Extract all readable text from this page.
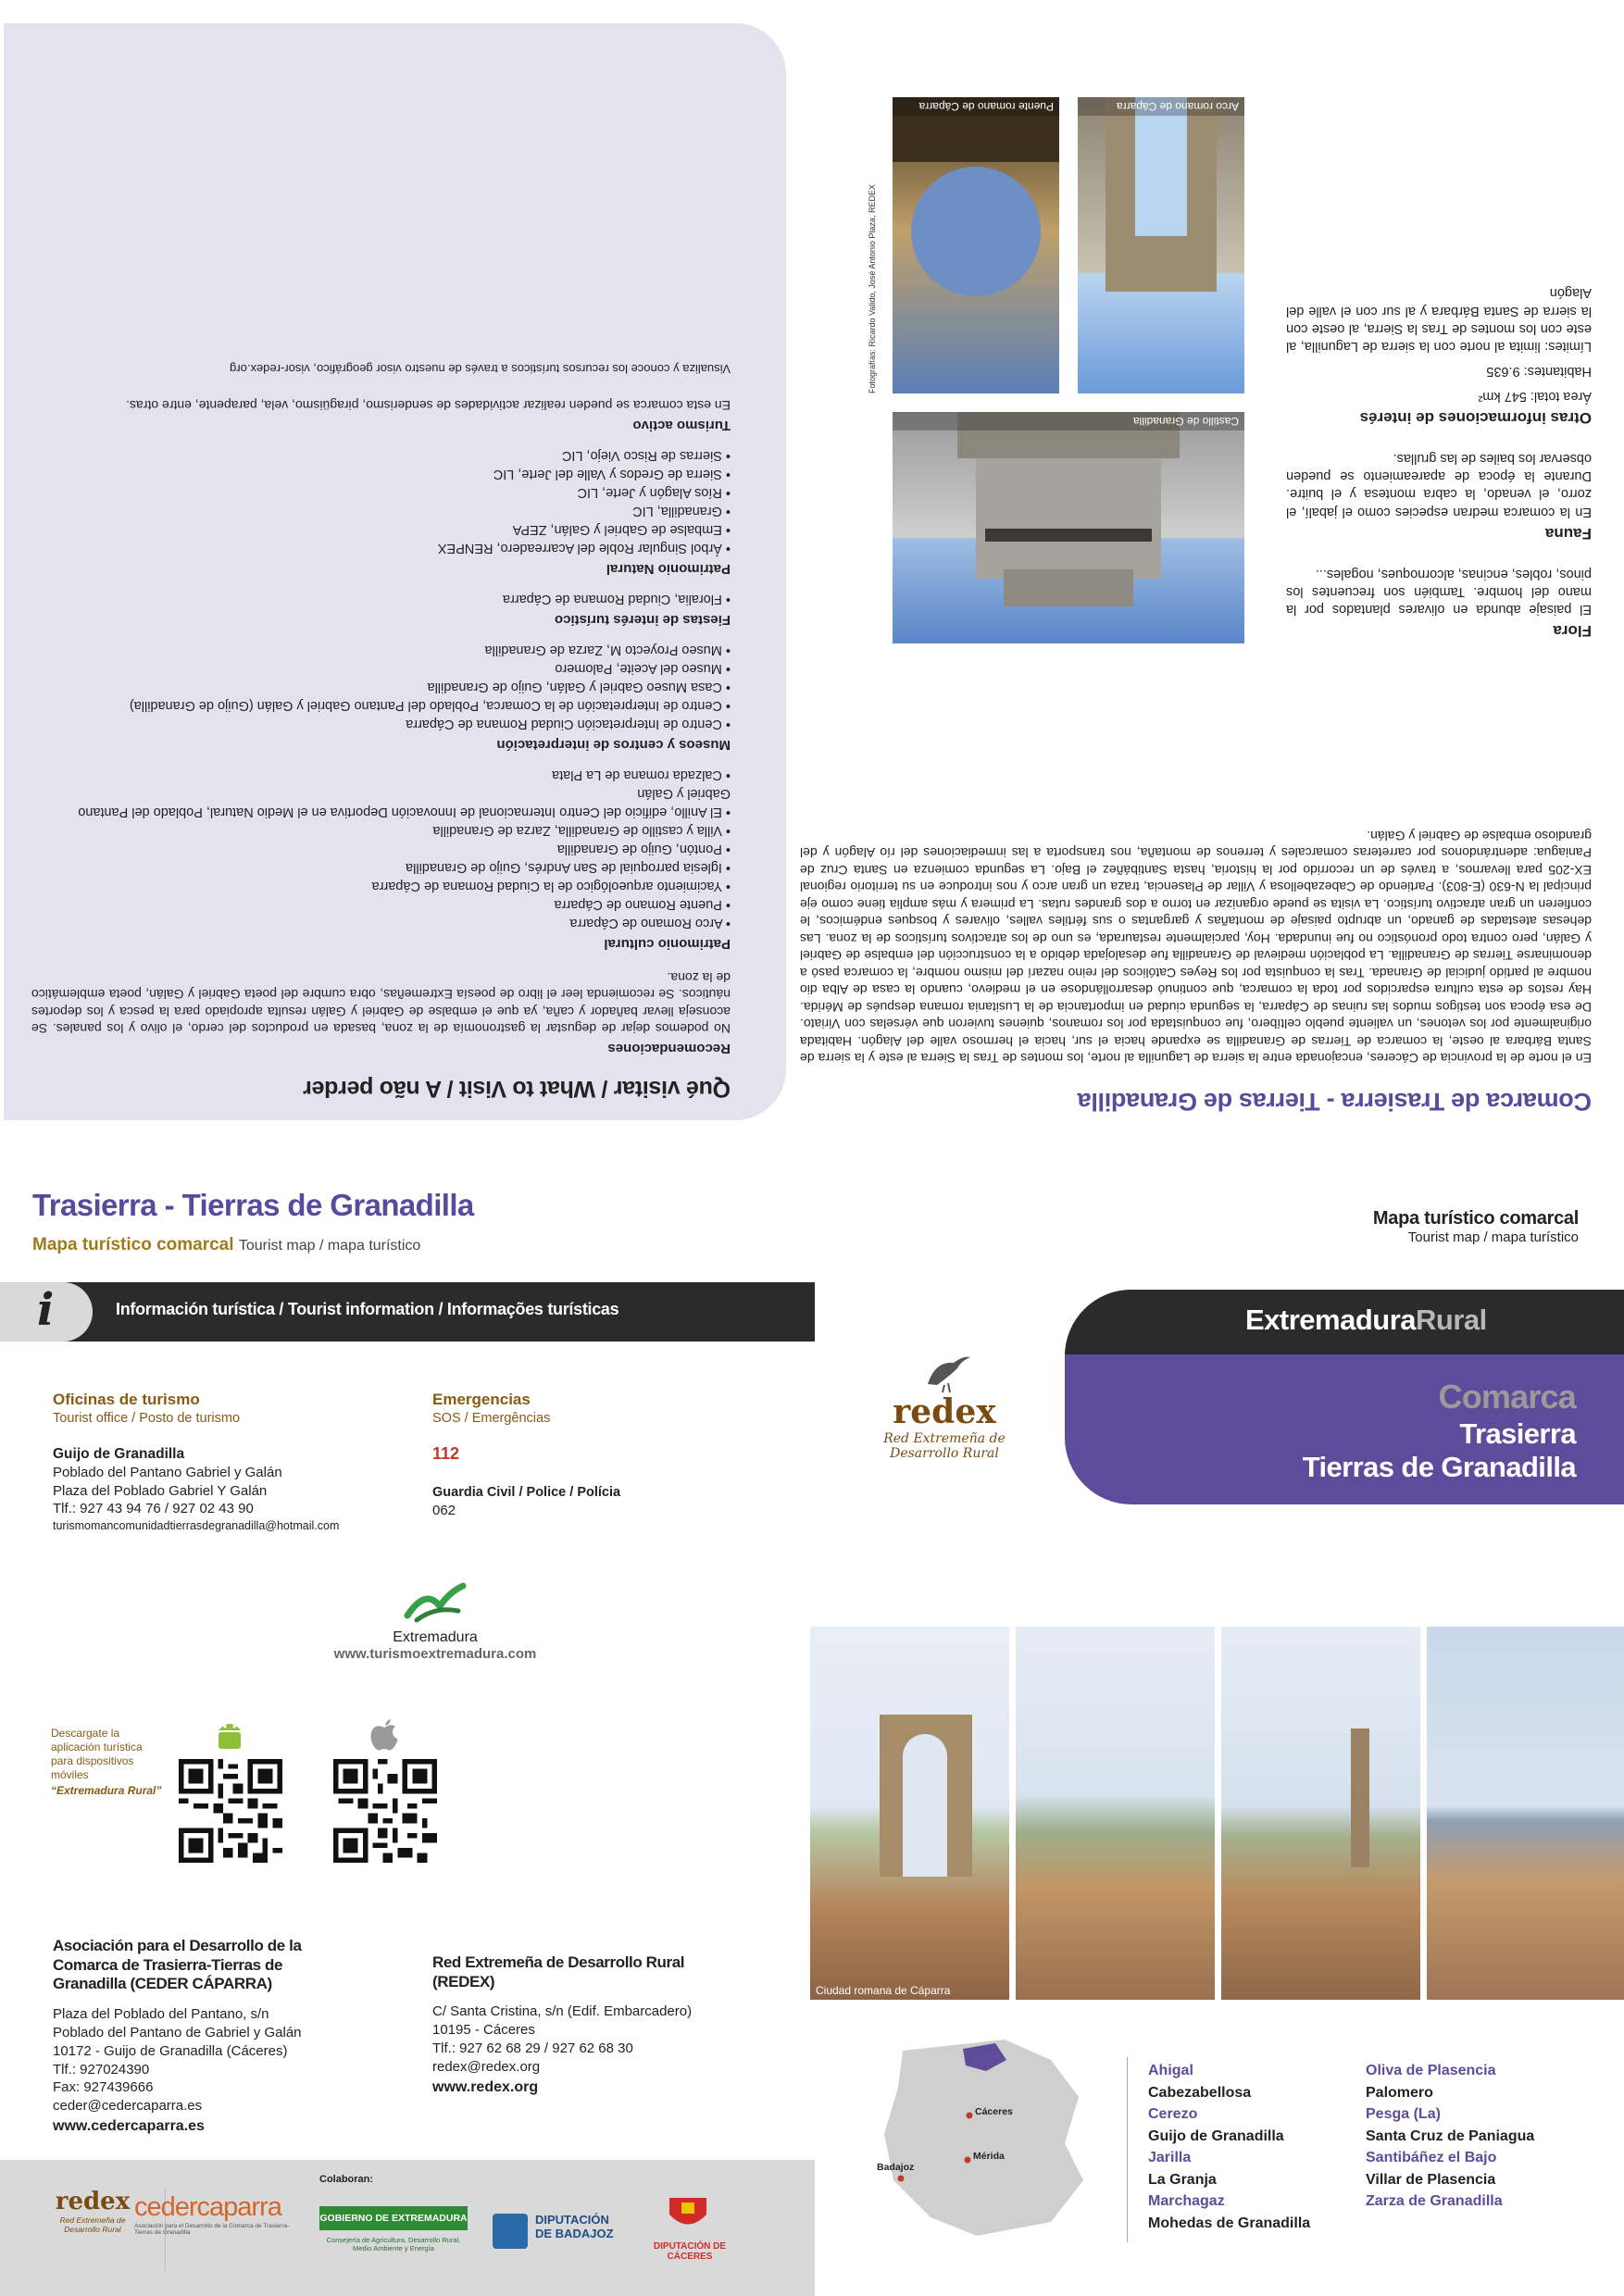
Comarca de Trasierra - Tierras de Granadilla

En el norte de la provincia de Cáceres, encajonada entre la sierra de Lagunilla al norte, los montes de Tras la Sierra al este y la sierra de Santa Bárbara al oeste, la comarca de Tierras de Granadilla se expande hacia el sur, hacia el hermoso valle del Alagón. Habitada originalmente por los vetones, un valiente pueblo celtíbero, fue conquistada por los romanos, quienes tuvieron que vérselas con Viriato. De esa época son testigos mudos las ruinas de Cáparra, la segunda ciudad en importancia de la Lusitania romana después de Mérida. Hay restos de esta cultura esparcidos por toda la comarca, que continuó desarrollándose en el medievo, cuando la casa de Alba dio nombre al partido judicial de Granada. Tras la conquista por los Reyes Católicos del reino nazarí del mismo nombre, la comarca pasó a denominarse Tierras de Granadilla. La población medieval de Granadilla fue desalojada debido a la construcción del embalse de Gabriel y Galán, pero contra todo pronóstico no fue inundada. Hoy, parcialmente restaurada, es uno de los atractivos turísticos de la zona. Las dehesas atestadas de ganado, un abrupto paisaje de montañas y gargantas o sus fértiles valles, olivares y bosques endémicos, le confieren un gran atractivo turístico. La visita se puede organizar en torno a dos grandes rutas. La primera y más amplia tiene como eje principal la N-630 (E-803). Partiendo de Cabezabellosa y Villar de Plasencia, traza un gran arco y nos introduce en su territorio regional EX-205 para llevarnos, a través de un recorrido por la historia, hasta Santibáñez el Bajo. La segunda comienza en Santa Cruz de Paniagua: adentrándonos por carreteras comarcales y terrenos de montaña, nos transporta a las inmediaciones del río Alagón y del grandioso embalse de Gabriel y Galán.

Flora

El paisaje abunda en olivares plantados por la mano del hombre. También son frecuentes los pinos, robles, encinas, alcornoques, nogales...

Fauna

En la comarca medran especies como el jabalí, el zorro, el venado, la cabra montesa y el buitre. Durante la época de apareamiento se pueden observar los bailes de las grullas.

Otras informaciones de interés

Área total: 547 km²

Habitantes: 9.635

Límites: limita al norte con la sierra de Lagunilla, al este con los montes de Tras la Sierra, al oeste con la sierra de Santa Bárbara y al sur con el valle del Alagón

Castillo de Granadilla
Arco romano de Cáparra
Puente romano de Cáparra
Fotografías: Ricardo Valido, José Antonio Plaza, REDEX
Qué visitar / What to Visit / A não perder
Recomendaciones

No podemos dejar de degustar la gastronomía de la zona, basada en productos del cerdo, el olivo y los panales. Se aconseja llevar bañador y caña, ya que el embalse de Gabriel y Galán resulta apropiado para la pesca y los deportes náuticos. Se recomienda leer el libro de poesía Extremeñas, obra cumbre del poeta Gabriel y Galán, poeta emblemático de la zona.

Patrimonio cultural
• Arco Romano de Cáparra
• Puente Romano de Cáparra
• Yacimiento arqueológico de la Ciudad Romana de Cáparra
• Iglesia parroquial de San Andrés, Guijo de Granadilla
• Pontón, Guijo de Granadilla
• Villa y castillo de Granadilla, Zarza de Granadilla
• El Anillo, edificio del Centro Internacional de Innovación Deportiva en el Medio Natural, Poblado del Pantano Gabriel y Galán
• Calzada romana de La Plata
Museos y centros de interpretación
• Centro de Interpretación Ciudad Romana de Cáparra
• Centro de Interpretación de la Comarca, Poblado del Pantano Gabriel y Galán (Guijo de Granadilla)
• Casa Museo Gabriel y Galán, Guijo de Granadilla
• Museo del Aceite, Palomero
• Museo Proyecto M, Zarza de Granadilla
Fiestas de interés turístico
• Floralia, Ciudad Romana de Cáparra
Patrimonio Natural
• Árbol Singular Roble del Acarreadero, RENPEX
• Embalse de Gabriel y Galán, ZEPA
• Granadilla, LIC
• Ríos Alagón y Jerte, LIC
• Sierra de Gredos y Valle del Jerte, LIC
• Sierras de Risco Viejo, LIC
Turismo activo

En esta comarca se pueden realizar actividades de senderismo, piragüismo, vela, parapente, entre otras.

Visualiza y conoce los recursos turísticos a través de nuestro visor geográfico, visor-redex.org

Trasierra - Tierras de Granadilla
Mapa turístico comarcal Tourist map / mapa turístico
i	Información turística / Tourist information / Informações turísticas
Oficinas de turismo
Tourist office / Posto de turismo
Guijo de Granadilla
Poblado del Pantano Gabriel y Galán
Plaza del Poblado Gabriel Y Galán
Tlf.: 927 43 94 76 / 927 02 43 90
turismomancomunidadtierrasdegranadilla@hotmail.com
Emergencias
SOS / Emergências
112
Guardia Civil / Police / Polícia
062
Extremadura
www.turismoextremadura.com
Descargate la
aplicación turística
para dispositivos
móviles
“Extremadura Rural”
Asociación para el Desarrollo de la Comarca de Trasierra-Tierras de Granadilla (CEDER CÁPARRA)
Plaza del Poblado del Pantano, s/n
Poblado del Pantano de Gabriel y Galán
10172 - Guijo de Granadilla (Cáceres)
Tlf.: 927024390
Fax: 927439666
ceder@cedercaparra.es
www.cedercaparra.es
Red Extremeña de Desarrollo Rural (REDEX)
C/ Santa Cristina, s/n (Edif. Embarcadero)
10195 - Cáceres
Tlf.: 927 62 68 29 / 927 62 68 30
redex@redex.org
www.redex.org
redex
Red Extremeña de
Desarrollo Rural
cedercaparra
Asociación para el Desarrollo de la Comarca de Trasierra-Tierras de Granadilla
Colaboran:
GOBIERNO DE EXTREMADURA
Consejería de Agricultura, Desarrollo Rural, Medio Ambiente y Energía
DIPUTACIÓN DE BADAJOZ
DIPUTACIÓN DE CÁCERES
Mapa turístico comarcal
Tourist map / mapa turístico
ExtremaduraRural
Comarca
Trasierra
Tierras de Granadilla
redex
Red Extremeña de
Desarrollo Rural
Ciudad romana de Cáparra
Cáceres
Mérida
Badajoz
Ahigal
Cabezabellosa
Cerezo
Guijo de Granadilla
Jarilla
La Granja
Marchagaz
Mohedas de Granadilla
Oliva de Plasencia
Palomero
Pesga (La)
Santa Cruz de Paniagua
Santibáñez el Bajo
Villar de Plasencia
Zarza de Granadilla
